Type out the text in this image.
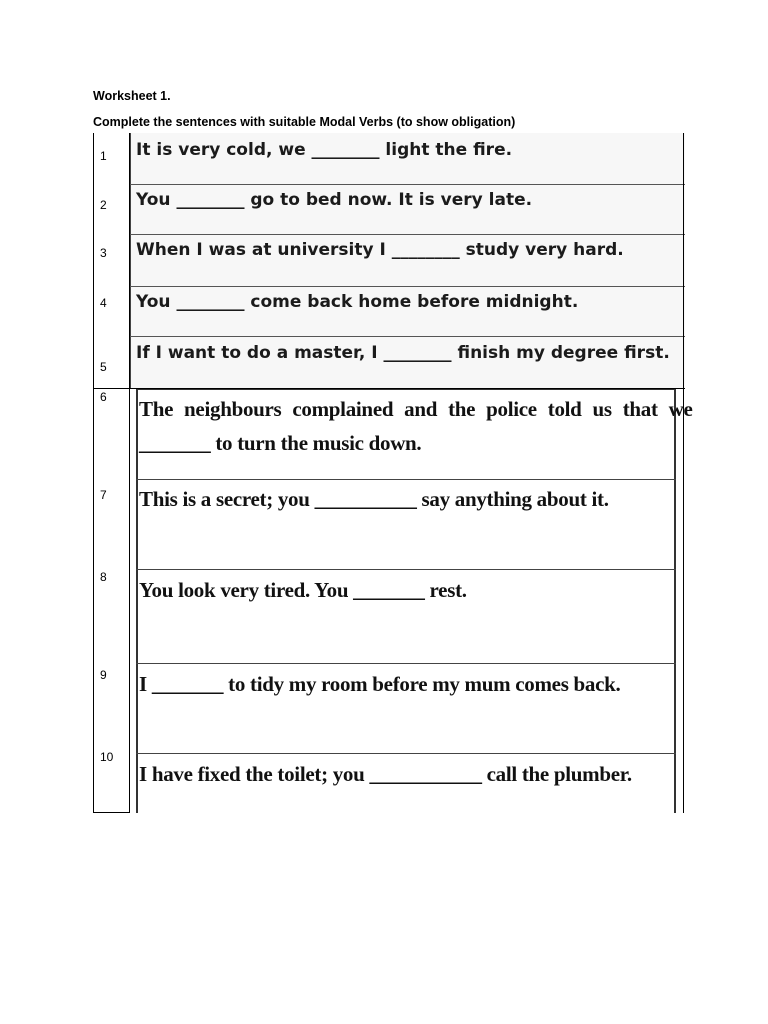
Worksheet 1.
Complete the sentences with suitable Modal Verbs (to show obligation)
It is very cold, we ________ light the fire.
You ________ go to bed now. It is very late.
When I was at university I ________ study very hard.
You ________ come back home before midnight.
If I want to do a master, I ________ finish my degree first.
The neighbours complained and the police told us that we
_______ to turn the music down.
This is a secret; you __________ say anything about it.
You look very tired. You _______ rest.
I _______ to tidy my room before my mum comes back.
I have fixed the toilet; you ___________ call the plumber.
1
2
3
4
5
6
7
8
9
10
